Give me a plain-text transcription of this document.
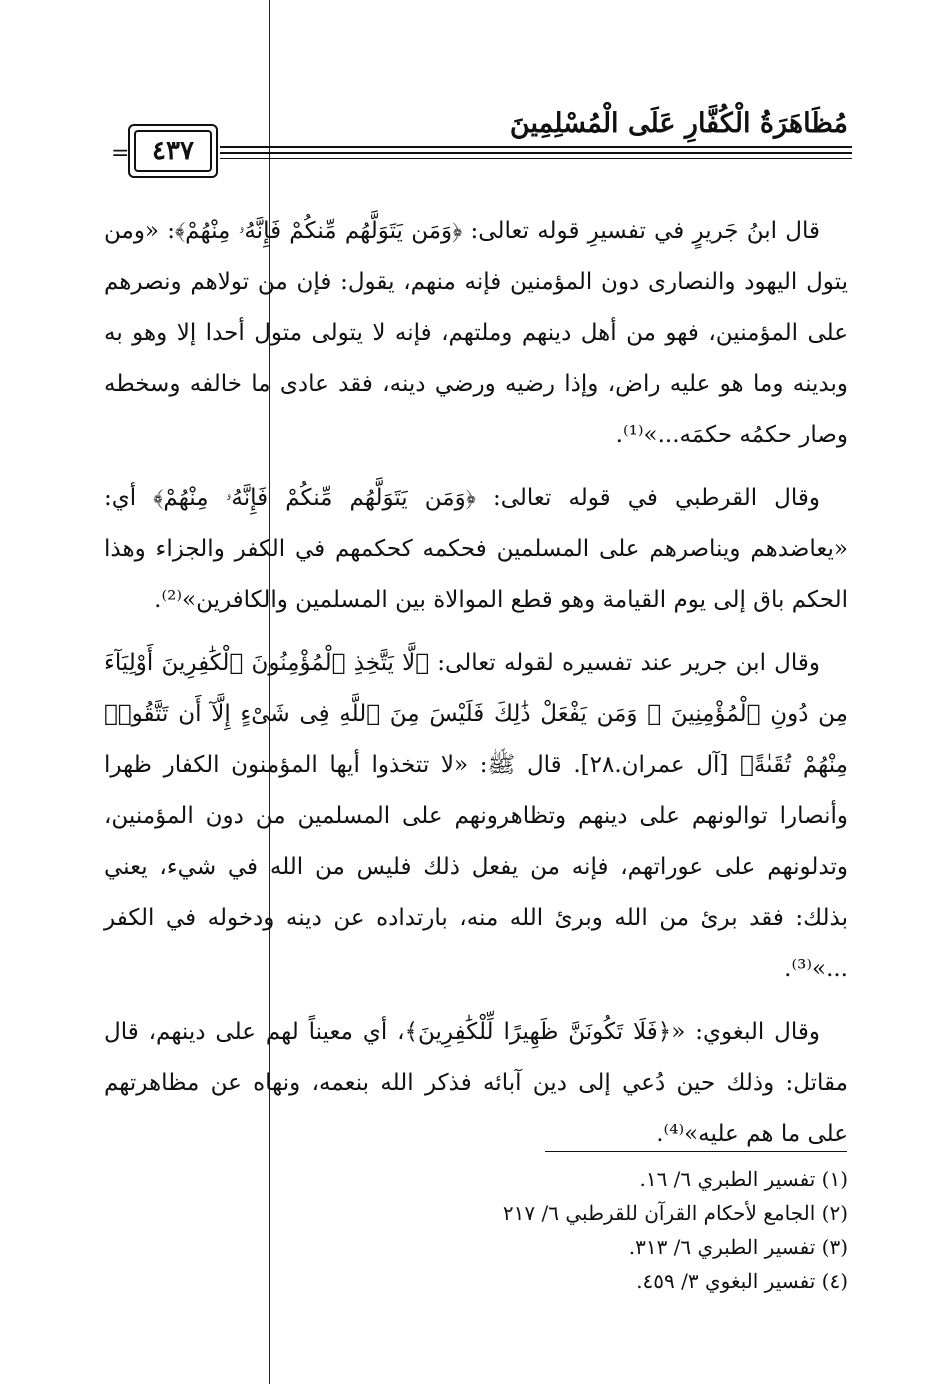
مُظَاهَرَةُ الْكُفَّارِ عَلَى الْمُسْلِمِينَ
= ٤٣٧

قال ابنُ جَريرٍ في تفسيرِ قوله تعالى: ﴿وَمَن يَتَوَلَّهُم مِّنكُمْ فَإِنَّهُۥ مِنْهُمْ﴾: «ومن يتول اليهود والنصارى دون المؤمنين فإنه منهم، يقول: فإن من تولاهم ونصرهم على المؤمنين، فهو من أهل دينهم وملتهم، فإنه لا يتولى متول أحدا إلا وهو به وبدينه وما هو عليه راض، وإذا رضيه ورضي دينه، فقد عادى ما خالفه وسخطه وصار حكمُه حكمَه...»⁽¹⁾.

وقال القرطبي في قوله تعالى: ﴿وَمَن يَتَوَلَّهُم مِّنكُمْ فَإِنَّهُۥ مِنْهُمْ﴾ أي: «يعاضدهم ويناصرهم على المسلمين فحكمه كحكمهم في الكفر والجزاء وهذا الحكم باق إلى يوم القيامة وهو قطع الموالاة بين المسلمين والكافرين»⁽²⁾.

وقال ابن جرير عند تفسيره لقوله تعالى: ﴿لَّا يَتَّخِذِ ٱلْمُؤْمِنُونَ ٱلْكَٰفِرِينَ أَوْلِيَآءَ مِن دُونِ ٱلْمُؤْمِنِينَ ۖ وَمَن يَفْعَلْ ذَٰلِكَ فَلَيْسَ مِنَ ٱللَّهِ فِى شَىْءٍ إِلَّآ أَن تَتَّقُوا۟ مِنْهُمْ تُقَىٰةً﴾ [آل عمران.٢٨]. قال ﷺ: «لا تتخذوا أيها المؤمنون الكفار ظهرا وأنصارا توالونهم على دينهم وتظاهرونهم على المسلمين من دون المؤمنين، وتدلونهم على عوراتهم، فإنه من يفعل ذلك فليس من الله في شيء، يعني بذلك: فقد برئ من الله وبرئ الله منه، بارتداده عن دينه ودخوله في الكفر ...»⁽³⁾.

وقال البغوي: «﴿فَلَا تَكُونَنَّ ظَهِيرًا لِّلْكَٰفِرِينَ﴾، أي معيناً لهم على دينهم، قال مقاتل: وذلك حين دُعي إلى دين آبائه فذكر الله بنعمه، ونهاه عن مظاهرتهم على ما هم عليه»⁽⁴⁾.

(١) تفسير الطبري ٦/ ١٦.
(٢) الجامع لأحكام القرآن للقرطبي ٦/ ٢١٧
(٣) تفسير الطبري ٦/ ٣١٣.
(٤) تفسير البغوي ٣/ ٤٥٩.
